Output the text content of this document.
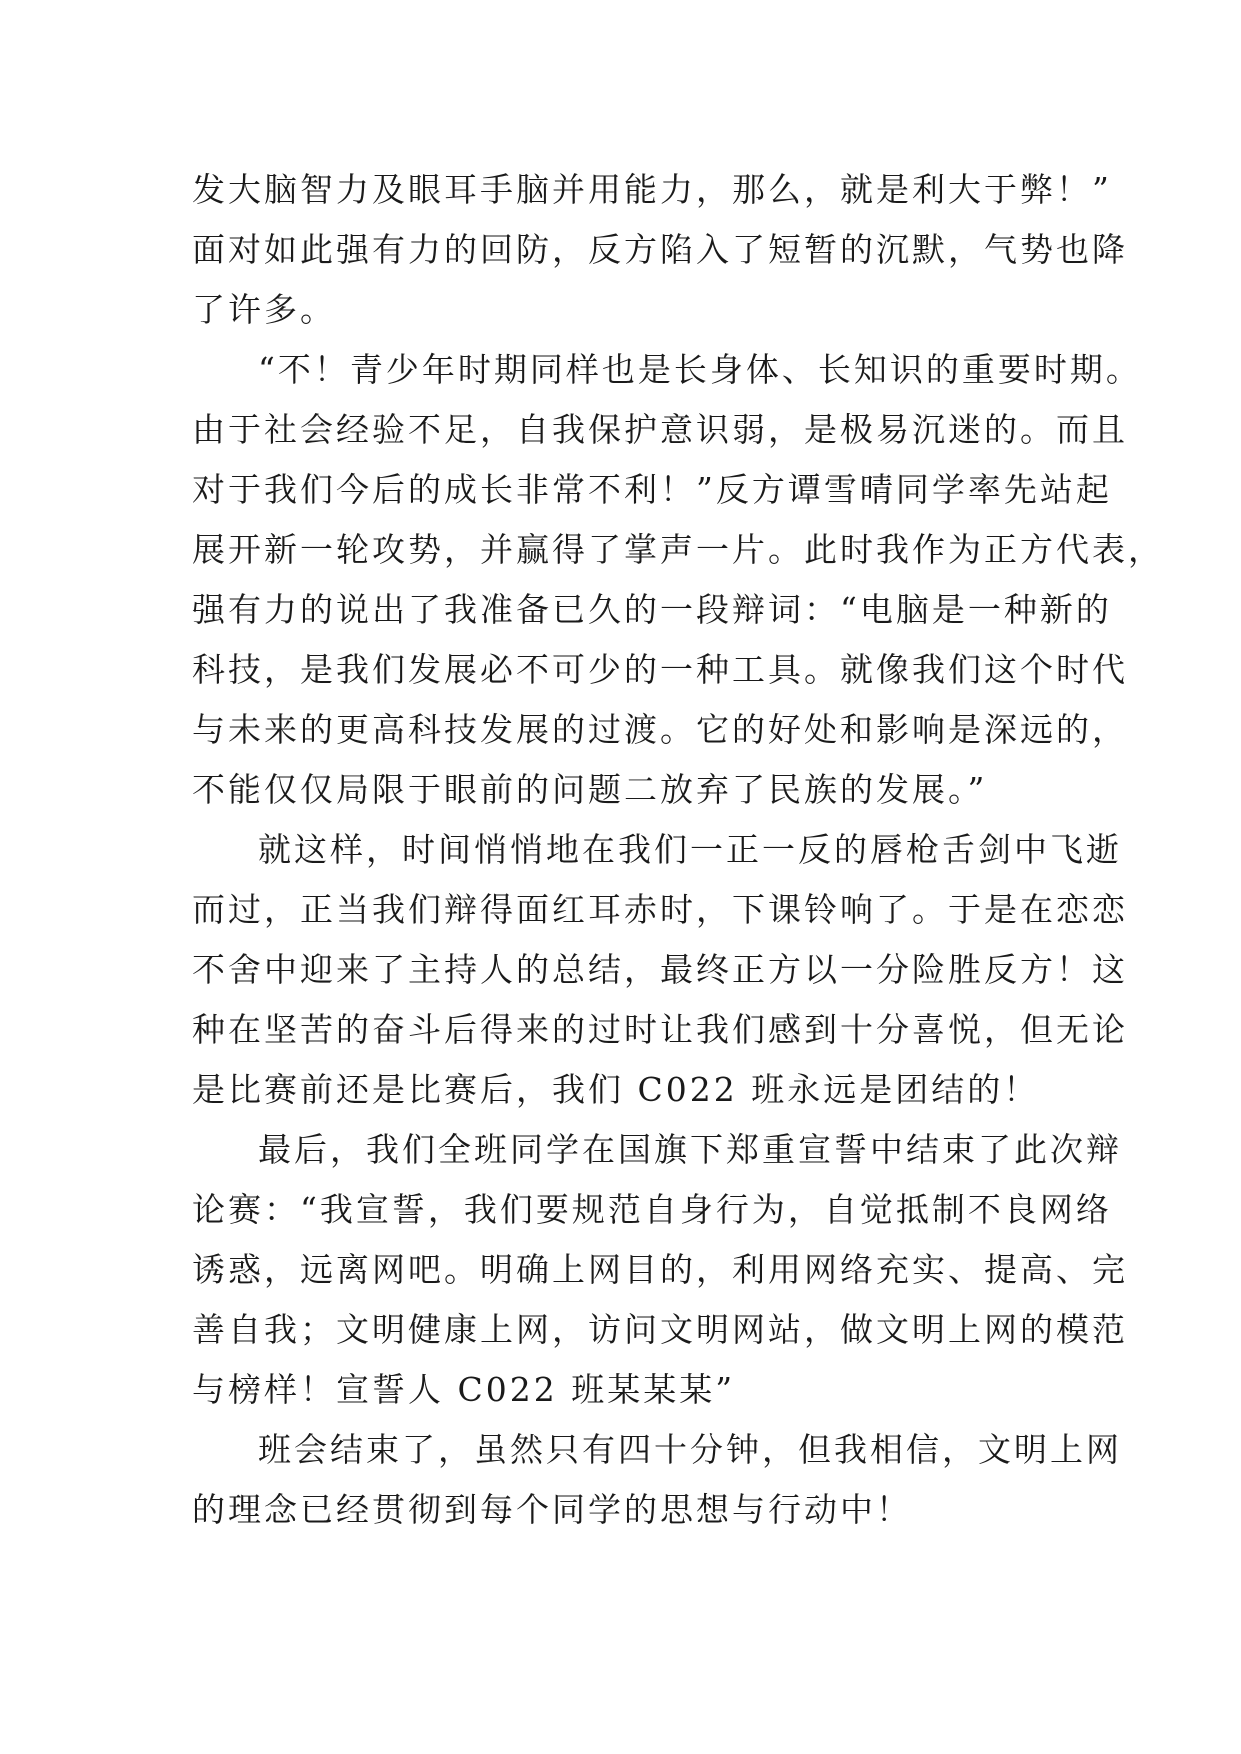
发大脑智力及眼耳手脑并用能力，那么，就是利大于弊！”
面对如此强有力的回防，反方陷入了短暂的沉默，气势也降
了许多。
“不！青少年时期同样也是长身体、长知识的重要时期。
由于社会经验不足，自我保护意识弱，是极易沉迷的。而且
对于我们今后的成长非常不利！”反方谭雪晴同学率先站起
展开新一轮攻势，并赢得了掌声一片。此时我作为正方代表，
强有力的说出了我准备已久的一段辩词：“电脑是一种新的
科技，是我们发展必不可少的一种工具。就像我们这个时代
与未来的更高科技发展的过渡。它的好处和影响是深远的，
不能仅仅局限于眼前的问题二放弃了民族的发展。”
就这样，时间悄悄地在我们一正一反的唇枪舌剑中飞逝
而过，正当我们辩得面红耳赤时，下课铃响了。于是在恋恋
不舍中迎来了主持人的总结，最终正方以一分险胜反方！这
种在坚苦的奋斗后得来的过时让我们感到十分喜悦，但无论
是比赛前还是比赛后，我们 C022 班永远是团结的！
最后，我们全班同学在国旗下郑重宣誓中结束了此次辩
论赛：“我宣誓，我们要规范自身行为，自觉抵制不良网络
诱惑，远离网吧。明确上网目的，利用网络充实、提高、完
善自我；文明健康上网，访问文明网站，做文明上网的模范
与榜样！宣誓人 C022 班某某某”
班会结束了，虽然只有四十分钟，但我相信，文明上网
的理念已经贯彻到每个同学的思想与行动中！
